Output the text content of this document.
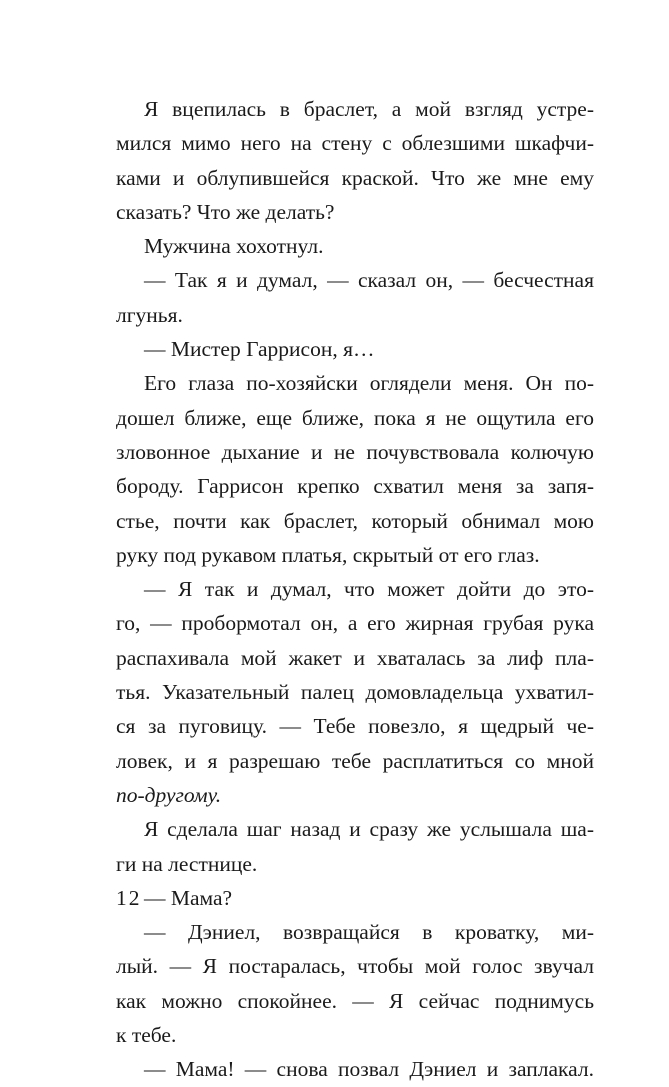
Я вцепилась в браслет, а мой взгляд устре-
мился мимо него на стену с облезшими шкафчи-
ками и облупившейся краской. Что же мне ему
сказать? Что же делать?
Мужчина хохотнул.
— Так я и думал, — сказал он, — бесчестная
лгунья.
— Мистер Гаррисон, я…
Его глаза по-хозяйски оглядели меня. Он по-
дошел ближе, еще ближе, пока я не ощутила его
зловонное дыхание и не почувствовала колючую
бороду. Гаррисон крепко схватил меня за запя-
стье, почти как браслет, который обнимал мою
руку под рукавом платья, скрытый от его глаз.
— Я так и думал, что может дойти до это-
го, — пробормотал он, а его жирная грубая рука
распахивала мой жакет и хваталась за лиф пла-
тья. Указательный палец домовладельца ухватил-
ся за пуговицу. — Тебе повезло, я щедрый че-
ловек, и я разрешаю тебе расплатиться со мной
по-другому.
Я сделала шаг назад и сразу же услышала ша-
ги на лестнице.
— Мама?
— Дэниел, возвращайся в кроватку, ми-
лый. — Я постаралась, чтобы мой голос звучал
как можно спокойнее. — Я сейчас поднимусь
к тебе.
— Мама! — снова позвал Дэниел и заплакал.
12
